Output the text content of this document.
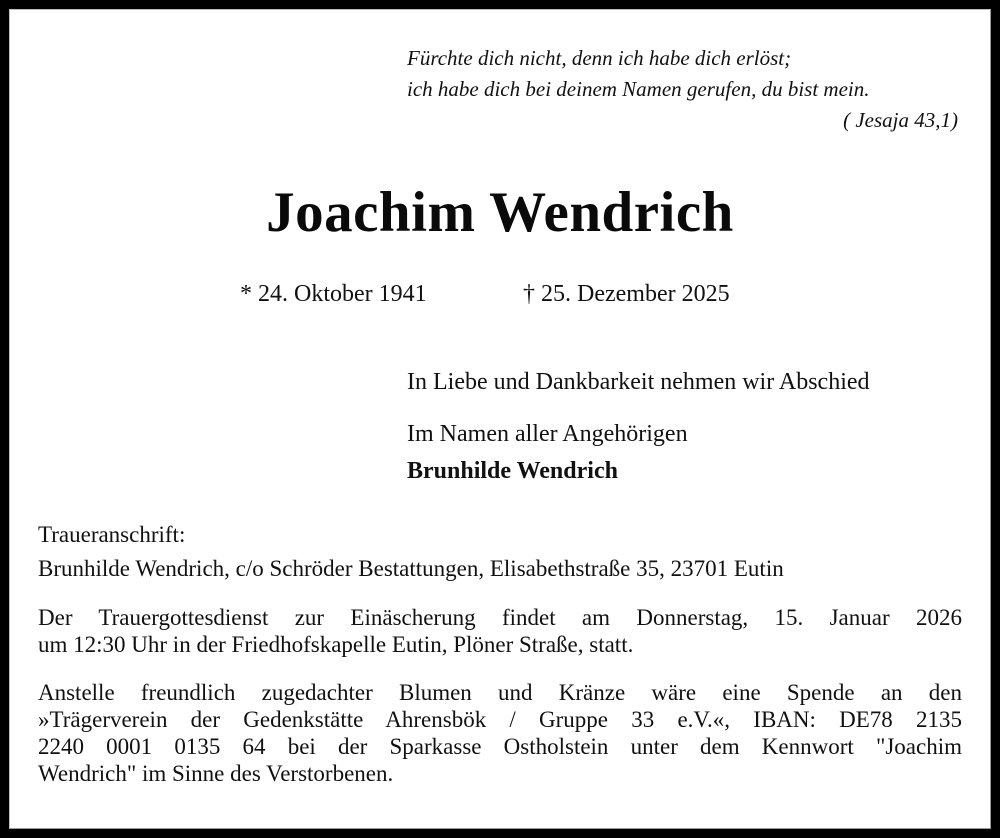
Fürchte dich nicht, denn ich habe dich erlöst;
ich habe dich bei deinem Namen gerufen, du bist mein.
( Jesaja 43,1)
Joachim Wendrich
* 24. Oktober 1941	† 25. Dezember 2025
In Liebe und Dankbarkeit nehmen wir Abschied
Im Namen aller Angehörigen
Brunhilde Wendrich
Traueranschrift:
Brunhilde Wendrich, c/o Schröder Bestattungen, Elisabethstraße 35, 23701 Eutin
Der Trauergottesdienst zur Einäscherung findet am Donnerstag, 15. Januar 2026
um 12:30 Uhr in der Friedhofskapelle Eutin, Plöner Straße, statt.
Anstelle freundlich zugedachter Blumen und Kränze wäre eine Spende an den
»Trägerverein der Gedenkstätte Ahrensbök / Gruppe 33 e.V.«, IBAN: DE78 2135
2240 0001 0135 64 bei der Sparkasse Ostholstein unter dem Kennwort "Joachim
Wendrich" im Sinne des Verstorbenen.
